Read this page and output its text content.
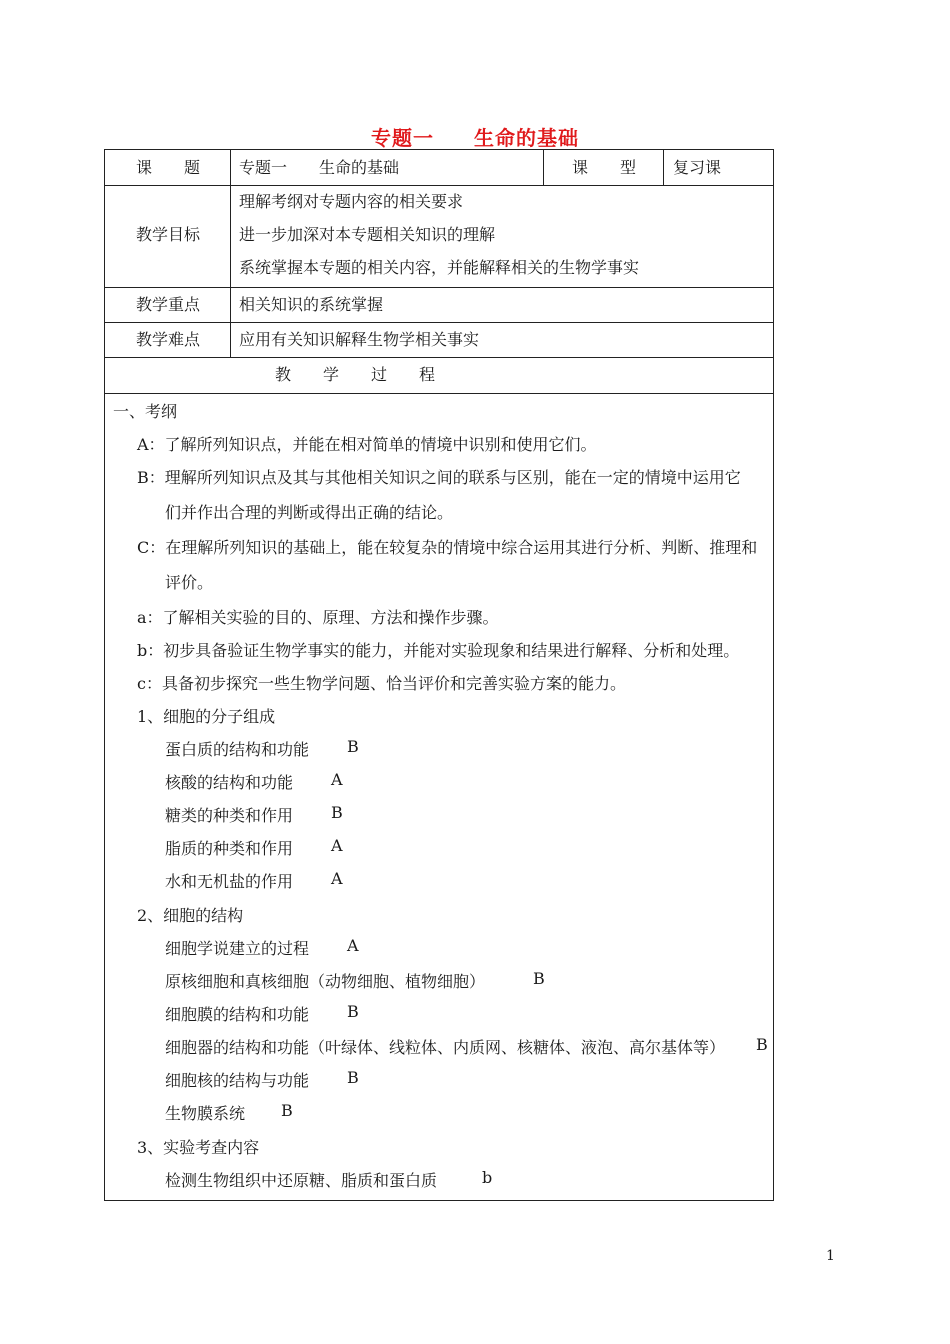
专题一 生命的基础
课　　题	专题一　　生命的基础	课　　型	复习课
教学目标
理解考纲对专题内容的相关要求
进一步加深对本专题相关知识的理解
系统掌握本专题的相关内容，并能解释相关的生物学事实
教学重点	相关知识的系统掌握
教学难点	应用有关知识解释生物学相关事实
教　　学　　过　　程
一、考纲
A：了解所列知识点，并能在相对简单的情境中识别和使用它们。
B：理解所列知识点及其与其他相关知识之间的联系与区别，能在一定的情境中运用它
们并作出合理的判断或得出正确的结论。
C：在理解所列知识的基础上，能在较复杂的情境中综合运用其进行分析、判断、推理和
评价。
a：了解相关实验的目的、原理、方法和操作步骤。
b：初步具备验证生物学事实的能力，并能对实验现象和结果进行解释、分析和处理。
c：具备初步探究一些生物学问题、恰当评价和完善实验方案的能力。
1、细胞的分子组成
蛋白质的结构和功能 B
核酸的结构和功能 A
糖类的种类和作用 B
脂质的种类和作用 A
水和无机盐的作用 A
2、细胞的结构
细胞学说建立的过程 A
原核细胞和真核细胞（动物细胞、植物细胞）	B
细胞膜的结构和功能 B
细胞器的结构和功能（叶绿体、线粒体、内质网、核糖体、液泡、高尔基体等） B
细胞核的结构与功能 B
生物膜系统 B
3、实验考查内容
检测生物组织中还原糖、脂质和蛋白质	b
1
